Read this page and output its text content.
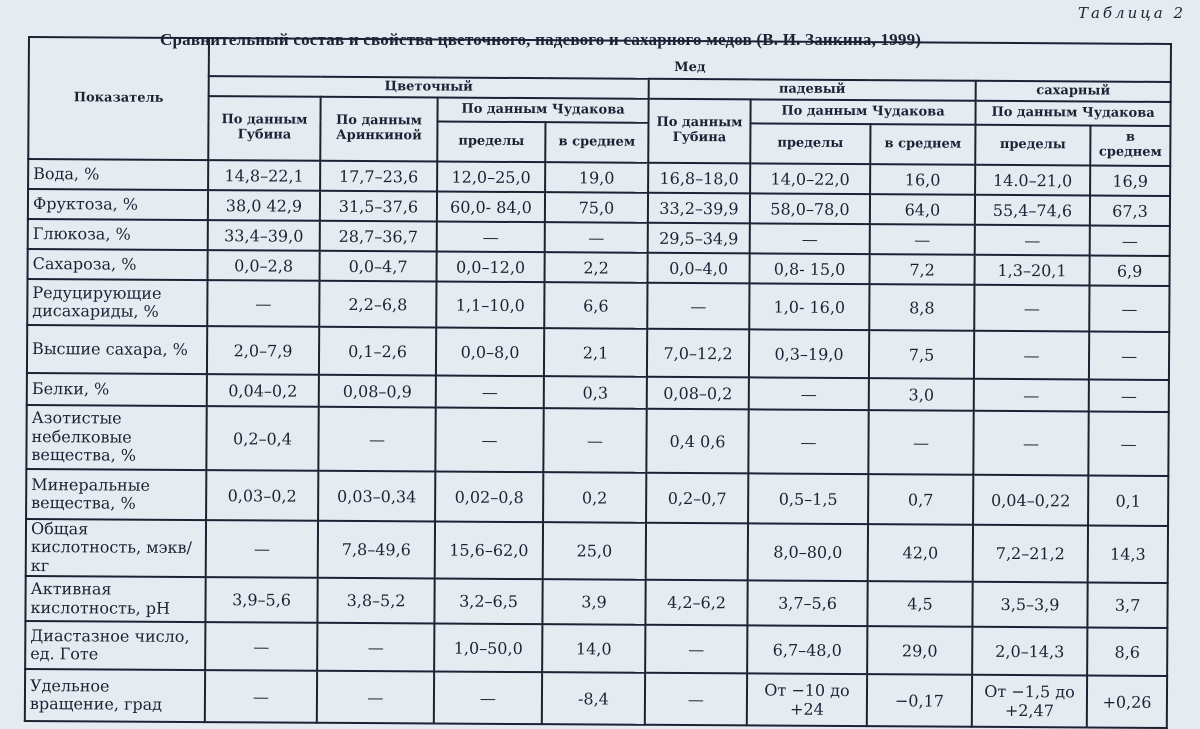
Таблица 2
Сравнительный состав и свойства цветочного, падевого и сахарного медов (В. И. Заикина, 1999)
Показатель									
	Мед								
	Цветочный				падевый			сахарный	
	По данным Губина	По данным Аринкиной	По данным Чудакова		По данным Губина	По данным Чудакова		По данным Чудакова	
			пределы	в среднем		пределы	в среднем	пределы	в среднем
Вода, %	14,8–22,1	17,7–23,6	12,0–25,0	19,0	16,8–18,0	14,0–22,0	16,0	14.0–21,0	16,9
Фруктоза, %	38,0 42,9	31,5–37,6	60,0- 84,0	75,0	33,2–39,9	58,0–78,0	64,0	55,4–74,6	67,3
Глюкоза, %	33,4–39,0	28,7–36,7	—	—	29,5–34,9	—	—	—	—
Сахароза, %	0,0–2,8	0,0–4,7	0,0–12,0	2,2	0,0–4,0	0,8- 15,0	7,2	1,3–20,1	6,9
Редуцирующие дисахариды, %	—	2,2–6,8	1,1–10,0	6,6	—	1,0- 16,0	8,8	—	—
Высшие сахара, %	2,0–7,9	0,1–2,6	0,0–8,0	2,1	7,0–12,2	0,3–19,0	7,5	—	—
Белки, %	0,04–0,2	0,08–0,9	—	0,3	0,08–0,2	—	3,0	—	—
Азотистые небелковые вещества, %	0,2–0,4	—	—	—	0,4 0,6	—	—	—	—
Минеральные вещества, %	0,03–0,2	0,03–0,34	0,02–0,8	0,2	0,2–0,7	0,5–1,5	0,7	0,04–0,22	0,1
Общая кислотность, мэкв/кг	—	7,8–49,6	15,6–62,0	25,0		8,0–80,0	42,0	7,2–21,2	14,3
Активная кислотность, pH	3,9–5,6	3,8–5,2	3,2–6,5	3,9	4,2–6,2	3,7–5,6	4,5	3,5–3,9	3,7
Диастазное число, ед. Готе	—	—	1,0–50,0	14,0	—	6,7–48,0	29,0	2,0–14,3	8,6
Удельное вращение, град	—	—	—	-8,4	—	От −10 до +24	−0,17	От −1,5 до +2,47	+0,26
